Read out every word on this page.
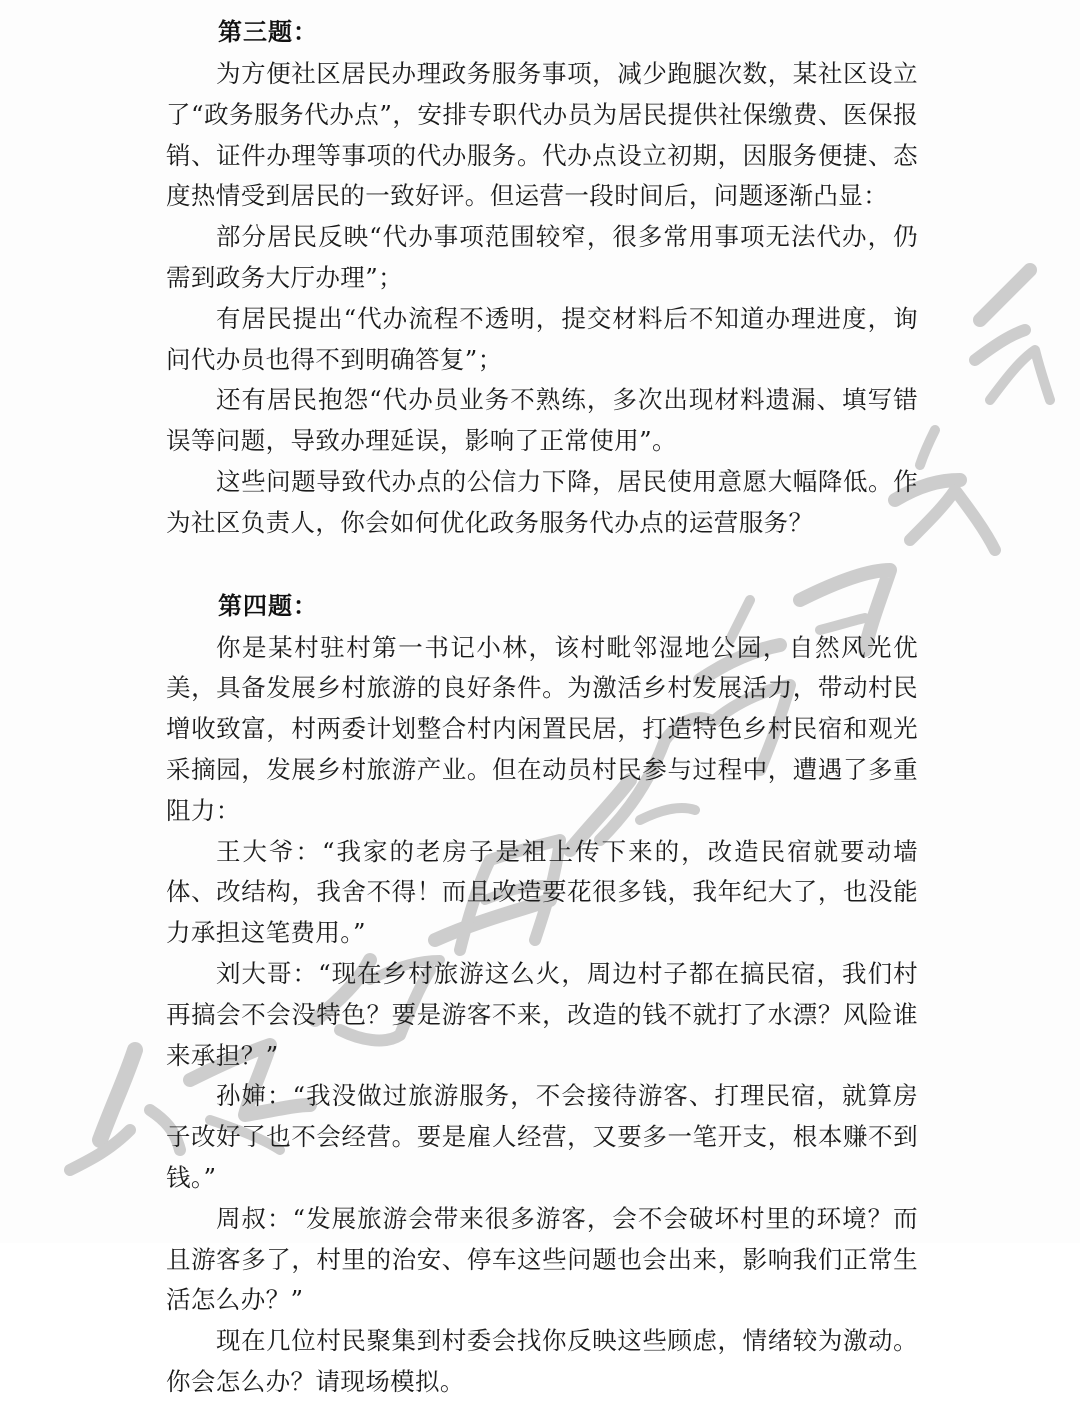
第三题：

为方便社区居民办理政务服务事项，减少跑腿次数，某社区设立了“政务服务代办点”，安排专职代办员为居民提供社保缴费、医保报销、证件办理等事项的代办服务。代办点设立初期，因服务便捷、态度热情受到居民的一致好评。但运营一段时间后，问题逐渐凸显：

部分居民反映“代办事项范围较窄，很多常用事项无法代办，仍需到政务大厅办理”；

有居民提出“代办流程不透明，提交材料后不知道办理进度，询问代办员也得不到明确答复”；

还有居民抱怨“代办员业务不熟练，多次出现材料遗漏、填写错误等问题，导致办理延误，影响了正常使用”。

这些问题导致代办点的公信力下降，居民使用意愿大幅降低。作为社区负责人，你会如何优化政务服务代办点的运营服务？

第四题：

你是某村驻村第一书记小林，该村毗邻湿地公园，自然风光优美，具备发展乡村旅游的良好条件。为激活乡村发展活力，带动村民增收致富，村两委计划整合村内闲置民居，打造特色乡村民宿和观光采摘园，发展乡村旅游产业。但在动员村民参与过程中，遭遇了多重阻力：

王大爷：“我家的老房子是祖上传下来的，改造民宿就要动墙体、改结构，我舍不得！而且改造要花很多钱，我年纪大了，也没能力承担这笔费用。”

刘大哥：“现在乡村旅游这么火，周边村子都在搞民宿，我们村再搞会不会没特色？要是游客不来，改造的钱不就打了水漂？风险谁来承担？”

孙婶：“我没做过旅游服务，不会接待游客、打理民宿，就算房子改好了也不会经营。要是雇人经营，又要多一笔开支，根本赚不到钱。”

周叔：“发展旅游会带来很多游客，会不会破坏村里的环境？而且游客多了，村里的治安、停车这些问题也会出来，影响我们正常生活怎么办？”

现在几位村民聚集到村委会找你反映这些顾虑，情绪较为激动。你会怎么办？请现场模拟。
